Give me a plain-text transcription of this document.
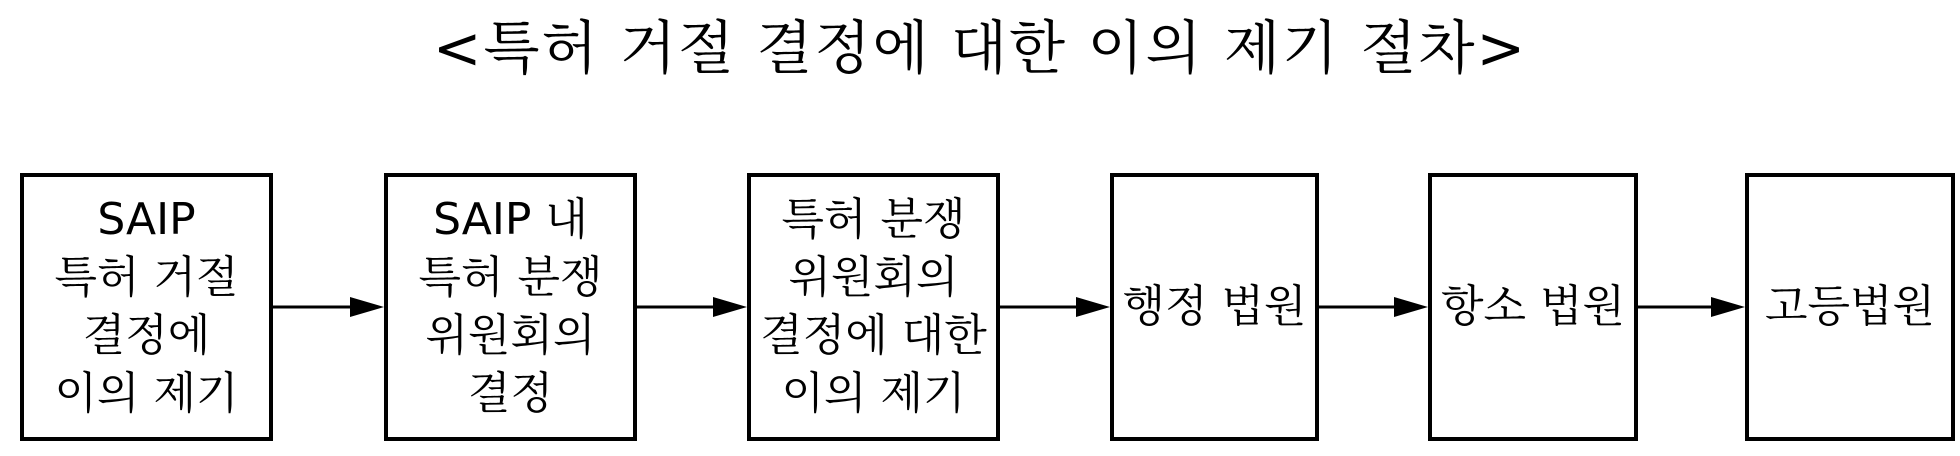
<특허 거절 결정에 대한 이의 제기 절차>
SAIP
특허 거절
결정에
이의 제기
SAIP 내
특허 분쟁
위원회의
결정
특허 분쟁
위원회의
결정에 대한
이의 제기
행정 법원	항소 법원	고등법원
